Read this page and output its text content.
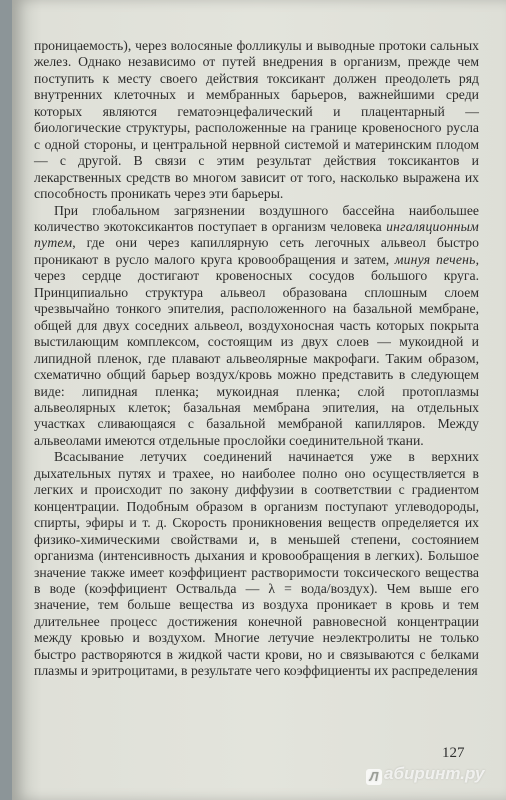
проницаемость), через волосяные фолликулы и выводные протоки сальных желез. Однако независимо от путей внедрения в организм, прежде чем поступить к месту своего действия токсикант должен преодолеть ряд внутренних клеточных и мембранных барьеров, важнейшими среди которых являются гематоэнцефалический и плацентарный — биологические структуры, расположенные на границе кровеносного русла с одной стороны, и центральной нервной системой и материнским плодом — с другой. В связи с этим результат действия токсикантов и лекарственных средств во многом зависит от того, насколько выражена их способность проникать через эти барьеры.

При глобальном загрязнении воздушного бассейна наибольшее количество экотоксикантов поступает в организм человека ингаляционным путем, где они через капиллярную сеть легочных альвеол быстро проникают в русло малого круга кровообращения и затем, минуя печень, через сердце достигают кровеносных сосудов большого круга. Принципиально структура альвеол образована сплошным слоем чрезвычайно тонкого эпителия, расположенного на базальной мембране, общей для двух соседних альвеол, воздухоносная часть которых покрыта выстилающим комплексом, состоящим из двух слоев — мукоидной и липидной пленок, где плавают альвеолярные макрофаги. Таким образом, схематично общий барьер воздух/кровь можно представить в следующем виде: липидная пленка; мукоидная пленка; слой протоплазмы альвеолярных клеток; базальная мембрана эпителия, на отдельных участках сливающаяся с базальной мембраной капилляров. Между альвеолами имеются отдельные прослойки соединительной ткани.

Всасывание летучих соединений начинается уже в верхних дыхательных путях и трахее, но наиболее полно оно осуществляется в легких и происходит по закону диффузии в соответствии с градиентом концентрации. Подобным образом в организм поступают углеводороды, спирты, эфиры и т. д. Скорость проникновения веществ определяется их физико-химическими свойствами и, в меньшей степени, состоянием организма (интенсивность дыхания и кровообращения в легких). Большое значение также имеет коэффициент растворимости токсического вещества в воде (коэффициент Оствальда — λ = вода/воздух). Чем выше его значение, тем больше вещества из воздуха проникает в кровь и тем длительнее процесс достижения конечной равновесной концентрации между кровью и воздухом. Многие летучие неэлектролиты не только быстро растворяются в жидкой части крови, но и связываются с белками плазмы и эритроцитами, в результате чего коэффициенты их распределения

127
Л абиринт.ру
